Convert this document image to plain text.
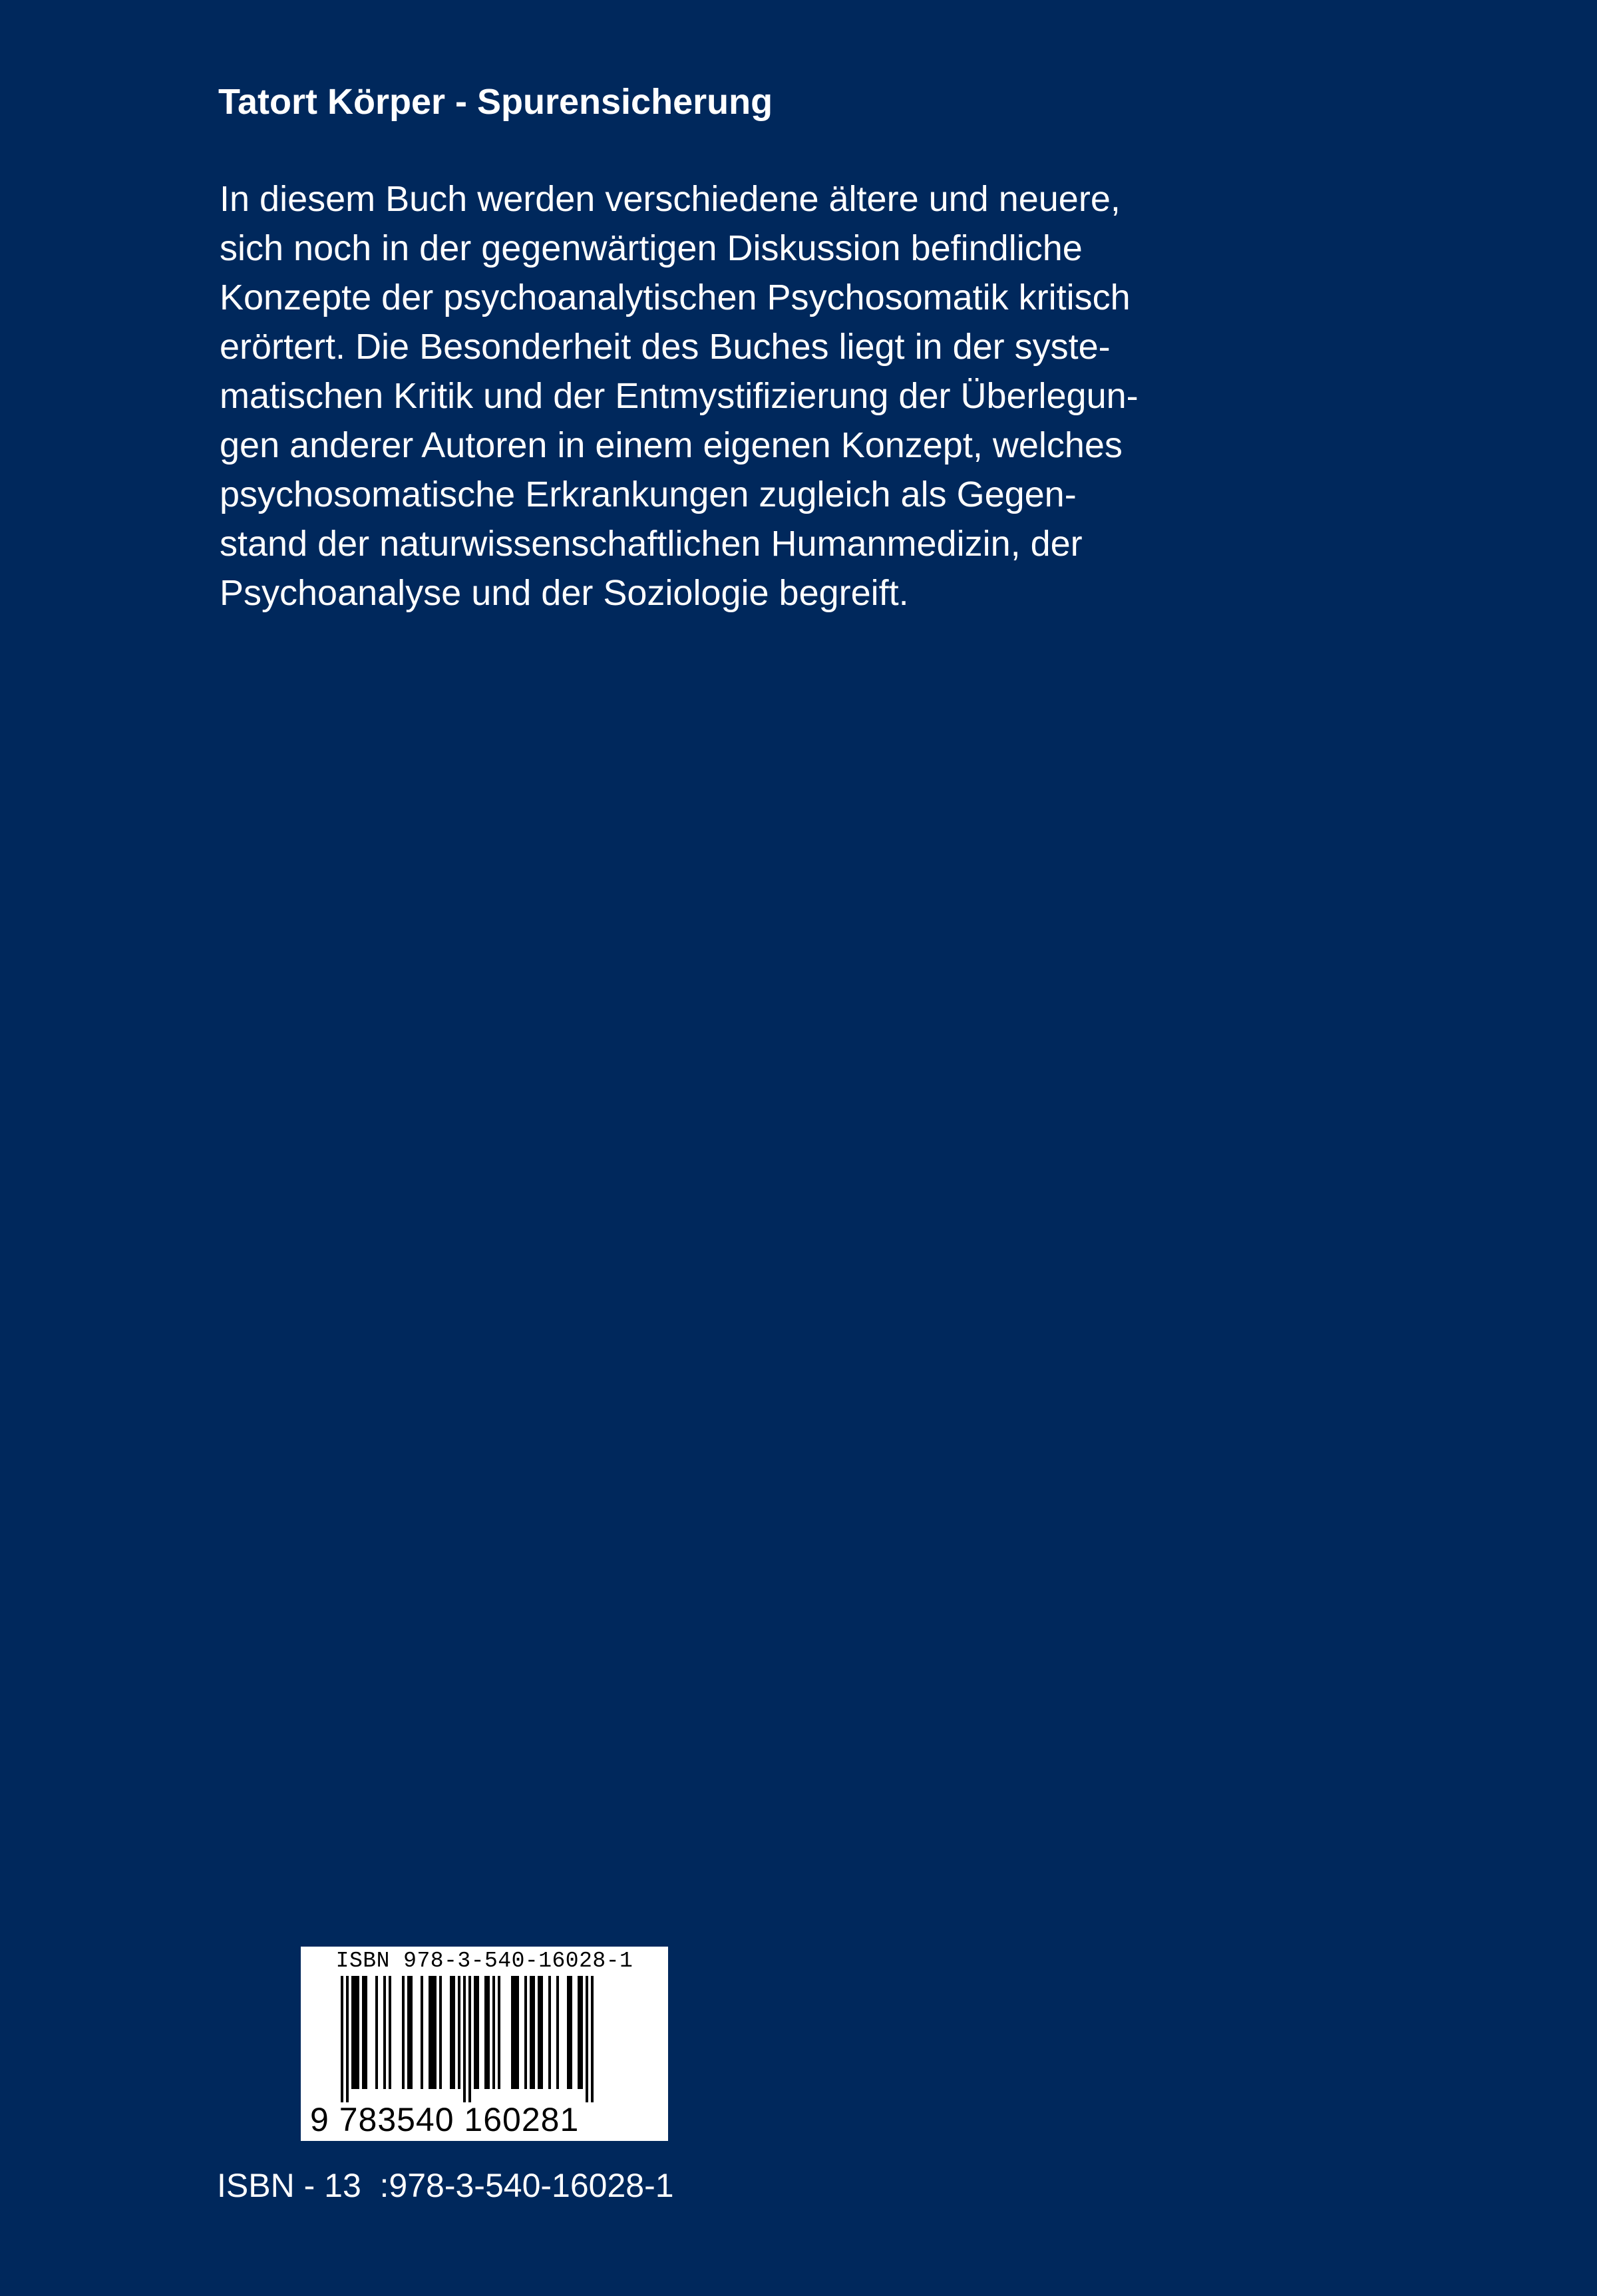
Tatort Körper - Spurensicherung

In diesem Buch werden verschiedene ältere und neuere,
sich noch in der gegenwärtigen Diskussion befindliche
Konzepte der psychoanalytischen Psychosomatik kritisch
erörtert. Die Besonderheit des Buches liegt in der syste-
matischen Kritik und der Entmystifizierung der Überlegun-
gen anderer Autoren in einem eigenen Konzept, welches
psychosomatische Erkrankungen zugleich als Gegen-
stand der naturwissenschaftlichen Humanmedizin, der
Psychoanalyse und der Soziologie begreift.

ISBN 978-3-540-16028-1
9 783540 160281

ISBN - 13  :978-3-540-16028-1
